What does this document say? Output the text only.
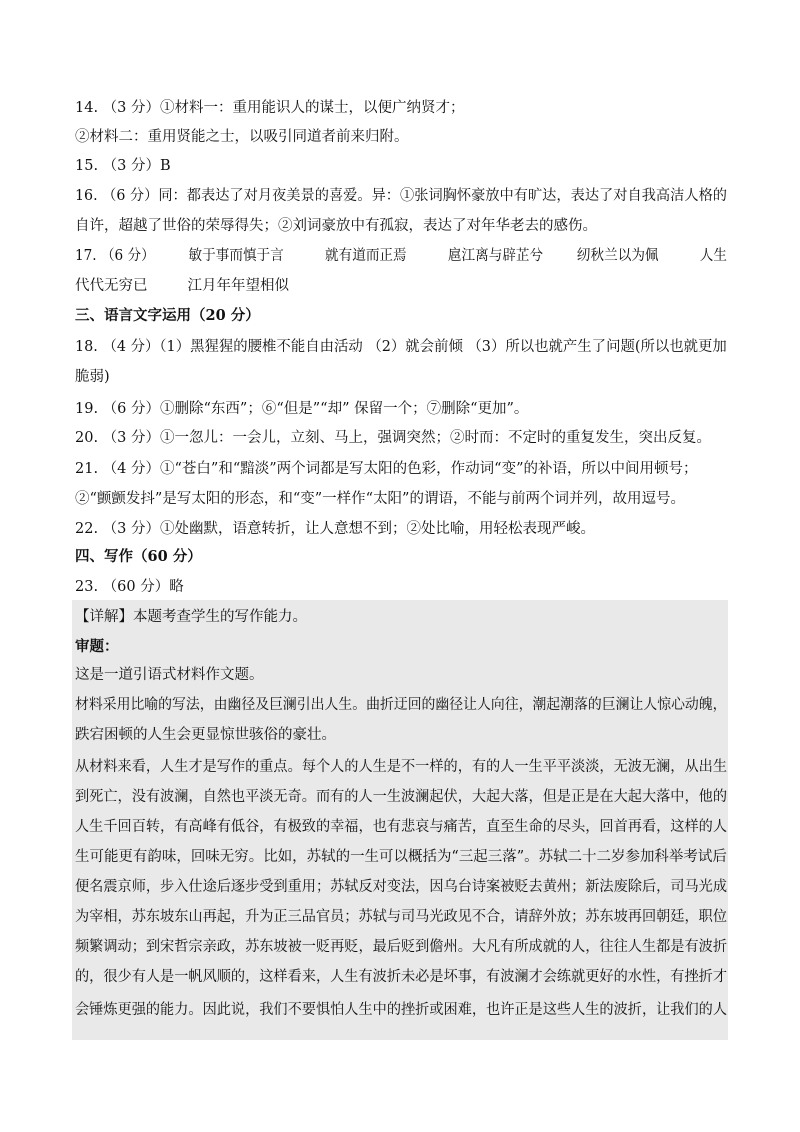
14. （3 分）①材料一：重用能识人的谋士，以便广纳贤才；
②材料二：重用贤能之士，以吸引同道者前来归附。
15. （3 分）B
16. （6 分）同：都表达了对月夜美景的喜爱。异：①张词胸怀豪放中有旷达，表达了对自我高洁人格的
自许，超越了世俗的荣辱得失；②刘词豪放中有孤寂，表达了对年华老去的感伤。
17. （6 分） 敏于事而慎于言	就有道而正焉	扈江离与辟芷兮 纫秋兰以为佩	人生
代代无穷已	江月年年望相似
三、语言文字运用（20 分）
18. （4 分）（1）黑猩猩的腰椎不能自由活动 （2）就会前倾 （3）所以也就产生了问题(所以也就更加
脆弱)
19. （6 分）①删除“东西”；⑥“但是”“却” 保留一个；⑦删除“更加”。
20. （3 分）①一忽儿：一会儿，立刻、马上，强调突然；②时而：不定时的重复发生，突出反复。
21. （4 分）①“苍白”和“黯淡”两个词都是写太阳的色彩，作动词“变”的补语，所以中间用顿号；
②“颤颤发抖”是写太阳的形态，和“变”一样作“太阳”的谓语，不能与前两个词并列，故用逗号。
22. （3 分）①处幽默，语意转折，让人意想不到；②处比喻，用轻松表现严峻。
四、写作（60 分）
23. （60 分）略
【详解】本题考查学生的写作能力。
审题：
这是一道引语式材料作文题。
材料采用比喻的写法，由幽径及巨澜引出人生。曲折迂回的幽径让人向往，潮起潮落的巨澜让人惊心动魄，
跌宕困顿的人生会更显惊世骇俗的豪壮。
从材料来看，人生才是写作的重点。每个人的人生是不一样的，有的人一生平平淡淡，无波无澜，从出生
到死亡，没有波澜，自然也平淡无奇。而有的人一生波澜起伏，大起大落，但是正是在大起大落中，他的
人生千回百转，有高峰有低谷，有极致的幸福，也有悲哀与痛苦，直至生命的尽头，回首再看，这样的人
生可能更有韵味，回味无穷。比如，苏轼的一生可以概括为“三起三落”。苏轼二十二岁参加科举考试后
便名震京师，步入仕途后逐步受到重用；苏轼反对变法，因乌台诗案被贬去黄州；新法废除后，司马光成
为宰相，苏东坡东山再起，升为正三品官员；苏轼与司马光政见不合，请辞外放；苏东坡再回朝廷，职位
频繁调动；到宋哲宗亲政，苏东坡被一贬再贬，最后贬到儋州。大凡有所成就的人，往往人生都是有波折
的，很少有人是一帆风顺的，这样看来，人生有波折未必是坏事，有波澜才会练就更好的水性，有挫折才
会锤炼更强的能力。因此说，我们不要惧怕人生中的挫折或困难，也许正是这些人生的波折，让我们的人
